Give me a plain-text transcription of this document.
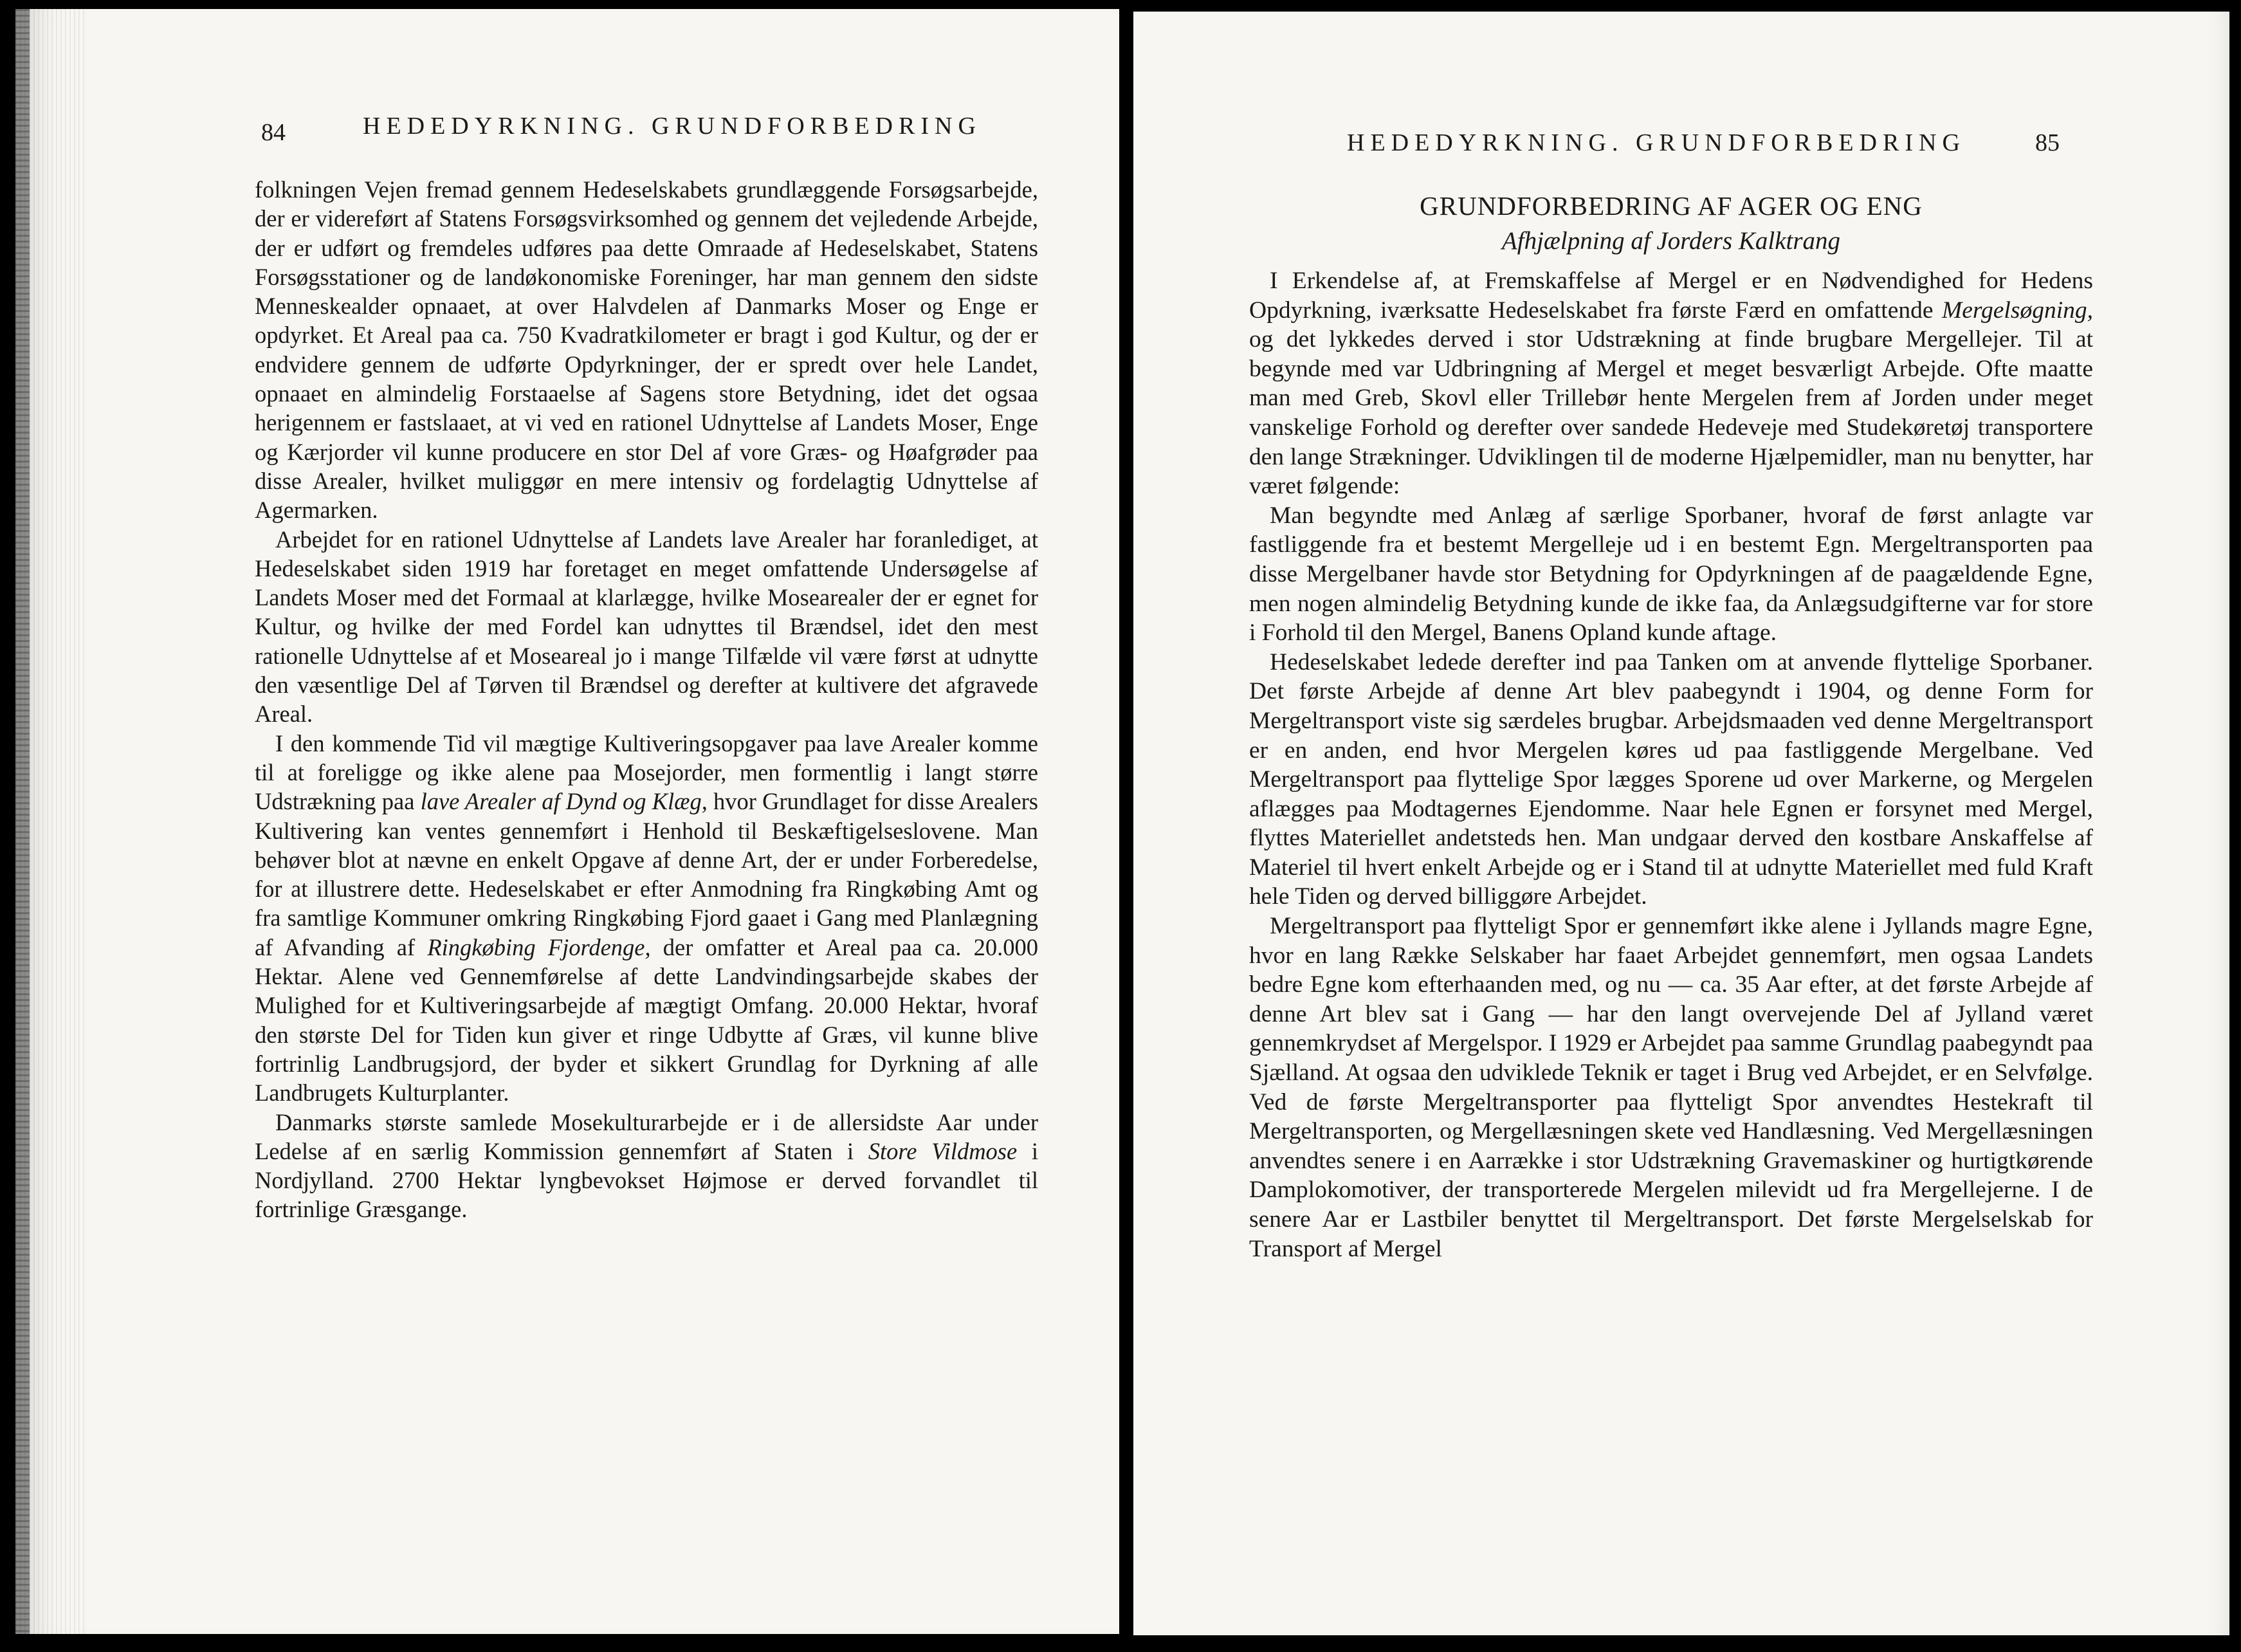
84	HEDEDYRKNING. GRUNDFORBEDRING

folkningen Vejen fremad gennem Hedeselskabets grundlæggende Forsøgsarbejde, der er videreført af Statens Forsøgsvirksomhed og gennem det vejledende Arbejde, der er udført og fremdeles udføres paa dette Omraade af Hedeselskabet, Statens Forsøgsstationer og de landøkonomiske Foreninger, har man gennem den sidste Menneskealder opnaaet, at over Halvdelen af Danmarks Moser og Enge er opdyrket. Et Areal paa ca. 750 Kvadratkilometer er bragt i god Kultur, og der er endvidere gennem de udførte Opdyrkninger, der er spredt over hele Landet, opnaaet en almindelig Forstaaelse af Sagens store Betydning, idet det ogsaa herigennem er fastslaaet, at vi ved en rationel Udnyttelse af Landets Moser, Enge og Kærjorder vil kunne producere en stor Del af vore Græs- og Høafgrøder paa disse Arealer, hvilket muliggør en mere intensiv og fordelagtig Udnyttelse af Agermarken.

Arbejdet for en rationel Udnyttelse af Landets lave Arealer har foranlediget, at Hedeselskabet siden 1919 har foretaget en meget omfattende Undersøgelse af Landets Moser med det Formaal at klarlægge, hvilke Mosearealer der er egnet for Kultur, og hvilke der med Fordel kan udnyttes til Brændsel, idet den mest rationelle Udnyttelse af et Moseareal jo i mange Tilfælde vil være først at udnytte den væsentlige Del af Tørven til Brændsel og derefter at kultivere det afgravede Areal.

I den kommende Tid vil mægtige Kultiveringsopgaver paa lave Arealer komme til at foreligge og ikke alene paa Mosejorder, men formentlig i langt større Udstrækning paa lave Arealer af Dynd og Klæg, hvor Grundlaget for disse Arealers Kultivering kan ventes gennemført i Henhold til Beskæftigelseslovene. Man behøver blot at nævne en enkelt Opgave af denne Art, der er under Forberedelse, for at illustrere dette. Hedeselskabet er efter Anmodning fra Ringkøbing Amt og fra samtlige Kommuner omkring Ringkøbing Fjord gaaet i Gang med Planlægning af Afvanding af Ringkøbing Fjordenge, der omfatter et Areal paa ca. 20.000 Hektar. Alene ved Gennemførelse af dette Landvindingsarbejde skabes der Mulighed for et Kultiveringsarbejde af mægtigt Omfang. 20.000 Hektar, hvoraf den største Del for Tiden kun giver et ringe Udbytte af Græs, vil kunne blive fortrinlig Landbrugsjord, der byder et sikkert Grundlag for Dyrkning af alle Landbrugets Kulturplanter.

Danmarks største samlede Mosekulturarbejde er i de allersidste Aar under Ledelse af en særlig Kommission gennemført af Staten i Store Vildmose i Nordjylland. 2700 Hektar lyngbevokset Højmose er derved forvandlet til fortrinlige Græsgange.

HEDEDYRKNING. GRUNDFORBEDRING	85
GRUNDFORBEDRING AF AGER OG ENG
Afhjælpning af Jorders Kalktrang

I Erkendelse af, at Fremskaffelse af Mergel er en Nødvendighed for Hedens Opdyrkning, iværksatte Hedeselskabet fra første Færd en omfattende Mergelsøgning, og det lykkedes derved i stor Udstrækning at finde brugbare Mergellejer. Til at begynde med var Udbringning af Mergel et meget besværligt Arbejde. Ofte maatte man med Greb, Skovl eller Trillebør hente Mergelen frem af Jorden under meget vanskelige Forhold og derefter over sandede Hedeveje med Studekøretøj transportere den lange Strækninger. Udviklingen til de moderne Hjælpemidler, man nu benytter, har været følgende:

Man begyndte med Anlæg af særlige Sporbaner, hvoraf de først anlagte var fastliggende fra et bestemt Mergelleje ud i en bestemt Egn. Mergeltransporten paa disse Mergelbaner havde stor Betydning for Opdyrkningen af de paagældende Egne, men nogen almindelig Betydning kunde de ikke faa, da Anlægsudgifterne var for store i Forhold til den Mergel, Banens Opland kunde aftage.

Hedeselskabet ledede derefter ind paa Tanken om at anvende flyttelige Sporbaner. Det første Arbejde af denne Art blev paabegyndt i 1904, og denne Form for Mergeltransport viste sig særdeles brugbar. Arbejdsmaaden ved denne Mergeltransport er en anden, end hvor Mergelen køres ud paa fastliggende Mergelbane. Ved Mergeltransport paa flyttelige Spor lægges Sporene ud over Markerne, og Mergelen aflægges paa Modtagernes Ejendomme. Naar hele Egnen er forsynet med Mergel, flyttes Materiellet andetsteds hen. Man undgaar derved den kostbare Anskaffelse af Materiel til hvert enkelt Arbejde og er i Stand til at udnytte Materiellet med fuld Kraft hele Tiden og derved billiggøre Arbejdet.

Mergeltransport paa flytteligt Spor er gennemført ikke alene i Jyllands magre Egne, hvor en lang Række Selskaber har faaet Arbejdet gennemført, men ogsaa Landets bedre Egne kom efterhaanden med, og nu — ca. 35 Aar efter, at det første Arbejde af denne Art blev sat i Gang — har den langt overvejende Del af Jylland været gennemkrydset af Mergelspor. I 1929 er Arbejdet paa samme Grundlag paabegyndt paa Sjælland. At ogsaa den udviklede Teknik er taget i Brug ved Arbejdet, er en Selvfølge. Ved de første Mergeltransporter paa flytteligt Spor anvendtes Hestekraft til Mergeltransporten, og Mergellæsningen skete ved Handlæsning. Ved Mergellæsningen anvendtes senere i en Aarrække i stor Udstrækning Gravemaskiner og hurtigtkørende Damplokomotiver, der transporterede Mergelen milevidt ud fra Mergellejerne. I de senere Aar er Lastbiler benyttet til Mergeltransport. Det første Mergelselskab for Transport af Mergel
